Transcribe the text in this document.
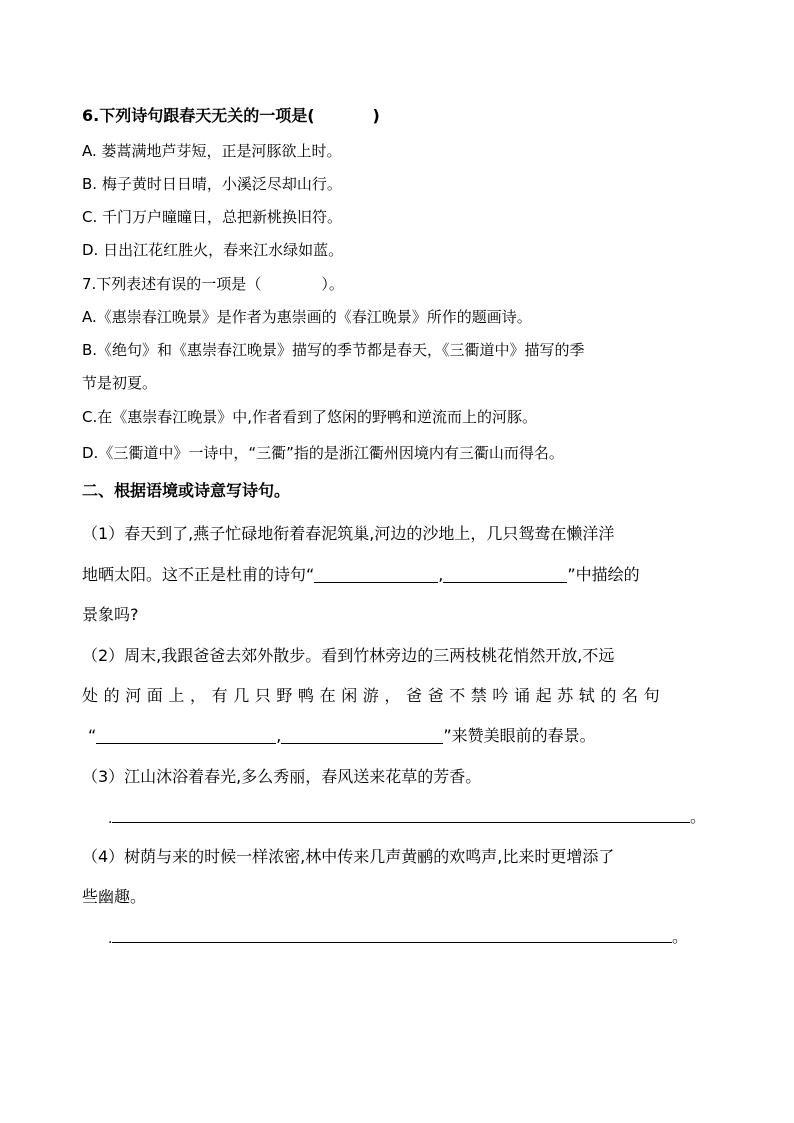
6.下列诗句跟春天无关的一项是(	)
A. 蒌蒿满地芦芽短，正是河豚欲上时。
B. 梅子黄时日日晴，小溪泛尽却山行。
C. 千门万户曈曈日，总把新桃换旧符。
D. 日出江花红胜火，春来江水绿如蓝。
7.下列表述有误的一项是（	）。
A.《惠崇春江晚景》是作者为惠崇画的《春江晚景》所作的题画诗。
B.《绝句》和《惠崇春江晚景》描写的季节都是春天，《三衢道中》描写的季
节是初夏。
C.在《惠崇春江晚景》中,作者看到了悠闲的野鸭和逆流而上的河豚。
D.《三衢道中》一诗中，“三衢”指的是浙江衢州因境内有三衢山而得名。
二、根据语境或诗意写诗句。
（1）春天到了,燕子忙碌地衔着春泥筑巢,河边的沙地上，几只鸳鸯在懒洋洋
地晒太阳。这不正是杜甫的诗句“	,	”中描绘的
景象吗?
（2）周末,我跟爸爸去郊外散步。看到竹林旁边的三两枝桃花悄然开放,不远
处的河面上，有几只野鸭在闲游，爸爸不禁吟诵起苏轼的名句
“	,	”来赞美眼前的春景。
（3）江山沐浴着春光,多么秀丽，春风送来花草的芳香。
.	。
（4）树荫与来的时候一样浓密,林中传来几声黄鹂的欢鸣声,比来时更增添了
些幽趣。
.	。
